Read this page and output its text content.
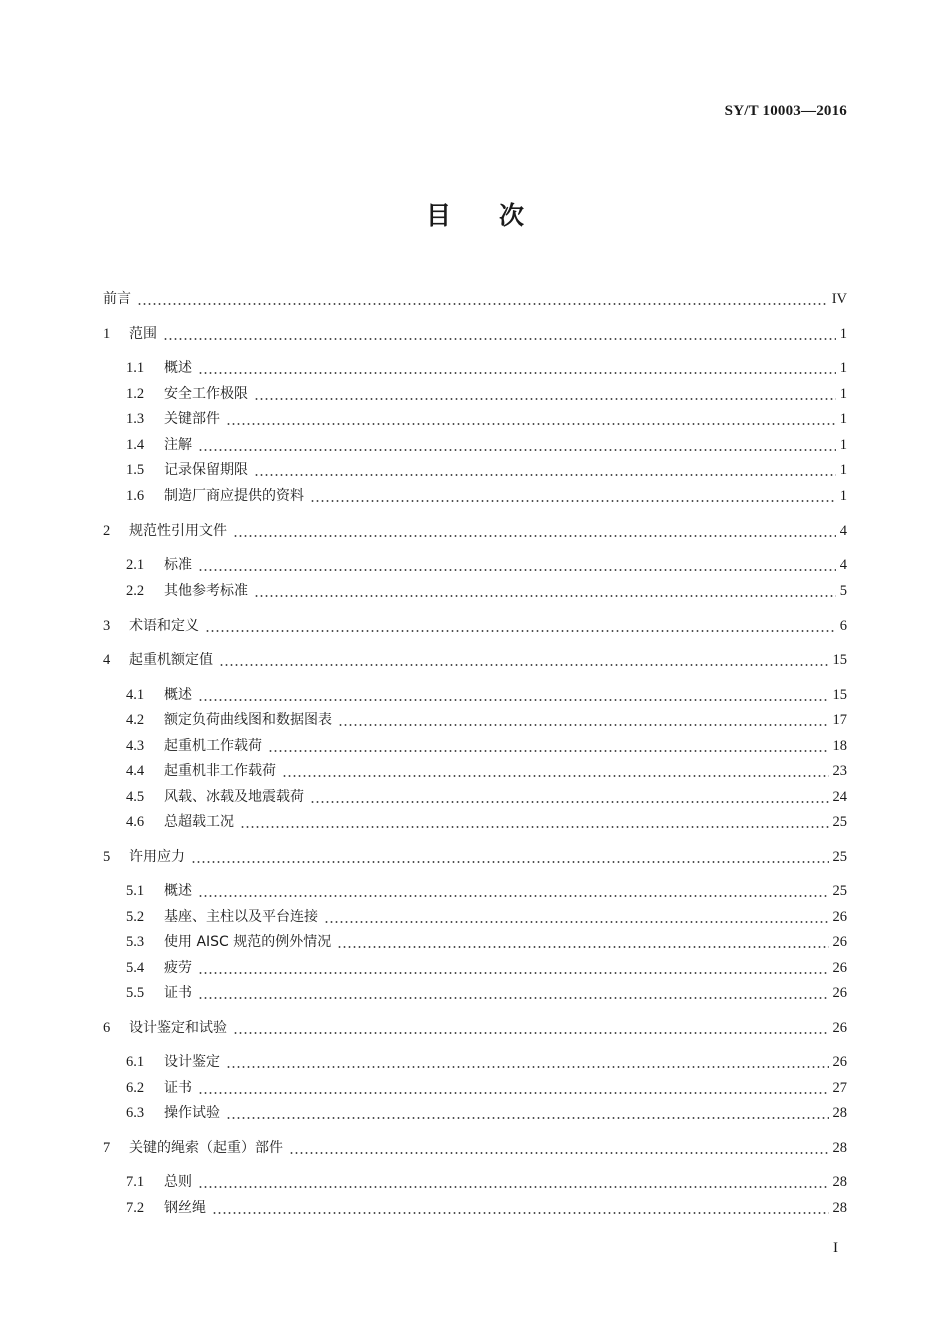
SY/T 10003—2016
目次
前言	IV
1	范围	1
1.1	概述	1
1.2	安全工作极限	1
1.3	关键部件	1
1.4	注解	1
1.5	记录保留期限	1
1.6	制造厂商应提供的资料	1
2	规范性引用文件	4
2.1	标准	4
2.2	其他参考标准	5
3	术语和定义	6
4	起重机额定值	15
4.1	概述	15
4.2	额定负荷曲线图和数据图表	17
4.3	起重机工作载荷	18
4.4	起重机非工作载荷	23
4.5	风载、冰载及地震载荷	24
4.6	总超载工况	25
5	许用应力	25
5.1	概述	25
5.2	基座、主柱以及平台连接	26
5.3	使用 AISC 规范的例外情况	26
5.4	疲劳	26
5.5	证书	26
6	设计鉴定和试验	26
6.1	设计鉴定	26
6.2	证书	27
6.3	操作试验	28
7	关键的绳索（起重）部件	28
7.1	总则	28
7.2	钢丝绳	28
I
